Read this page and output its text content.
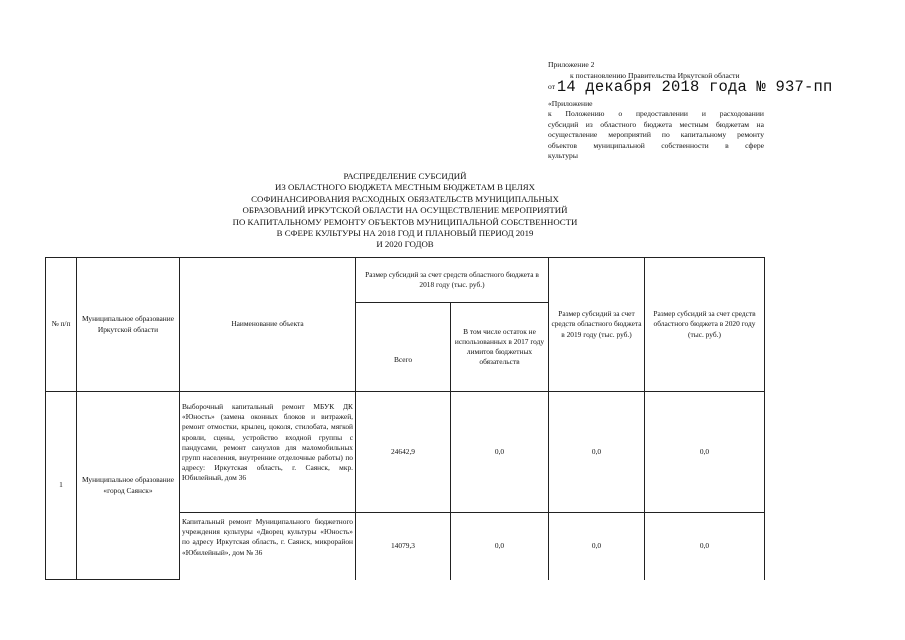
Приложение 2
к постановлению Правительства Иркутской области
от 14 декабря 2018 года № 937-пп
«Приложение
к Положению о предоставлении и расходовании
субсидий из областного бюджета местным бюджетам на
осуществление мероприятий по капитальному ремонту
объектов муниципальной собственности в сфере
культуры
РАСПРЕДЕЛЕНИЕ СУБСИДИЙ
ИЗ ОБЛАСТНОГО БЮДЖЕТА МЕСТНЫМ БЮДЖЕТАМ В ЦЕЛЯХ
СОФИНАНСИРОВАНИЯ РАСХОДНЫХ ОБЯЗАТЕЛЬСТВ МУНИЦИПАЛЬНЫХ
ОБРАЗОВАНИЙ ИРКУТСКОЙ ОБЛАСТИ НА ОСУЩЕСТВЛЕНИЕ МЕРОПРИЯТИЙ
ПО КАПИТАЛЬНОМУ РЕМОНТУ ОБЪЕКТОВ МУНИЦИПАЛЬНОЙ СОБСТВЕННОСТИ
В СФЕРЕ КУЛЬТУРЫ НА 2018 ГОД И ПЛАНОВЫЙ ПЕРИОД 2019
И 2020 ГОДОВ
№ п/п	Муниципальное образование Иркутской области	Наименование объекта	Размер субсидий за счет средств областного бюджета в 2018 году (тыс. руб.)		Размер субсидий за счет средств областного бюджета в 2019 году (тыс. руб.)	Размер субсидий за счет средств областного бюджета в 2020 году (тыс. руб.)
			Всего	В том числе остаток не использованных в 2017 году лимитов бюджетных обязательств		
1	Муниципальное образование «город Саянск»	Выборочный капитальный ремонт МБУК ДК «Юность» (замена оконных блоков и витражей, ремонт отмостки, крылец, цоколя, стилобата, мягкой кровли, сцены, устройство входной группы с пандусами, ремонт санузлов для маломобильных групп населения, внутренние отделочные работы) по адресу: Иркутская область, г. Саянск, мкр. Юбилейный, дом 36	24642,9	0,0	0,0	0,0
		Капитальный ремонт Муниципального бюджетного учреждения культуры «Дворец культуры «Юность» по адресу Иркутская область, г. Саянск, микрорайон «Юбилейный», дом № 36	14079,3	0,0	0,0	0,0
